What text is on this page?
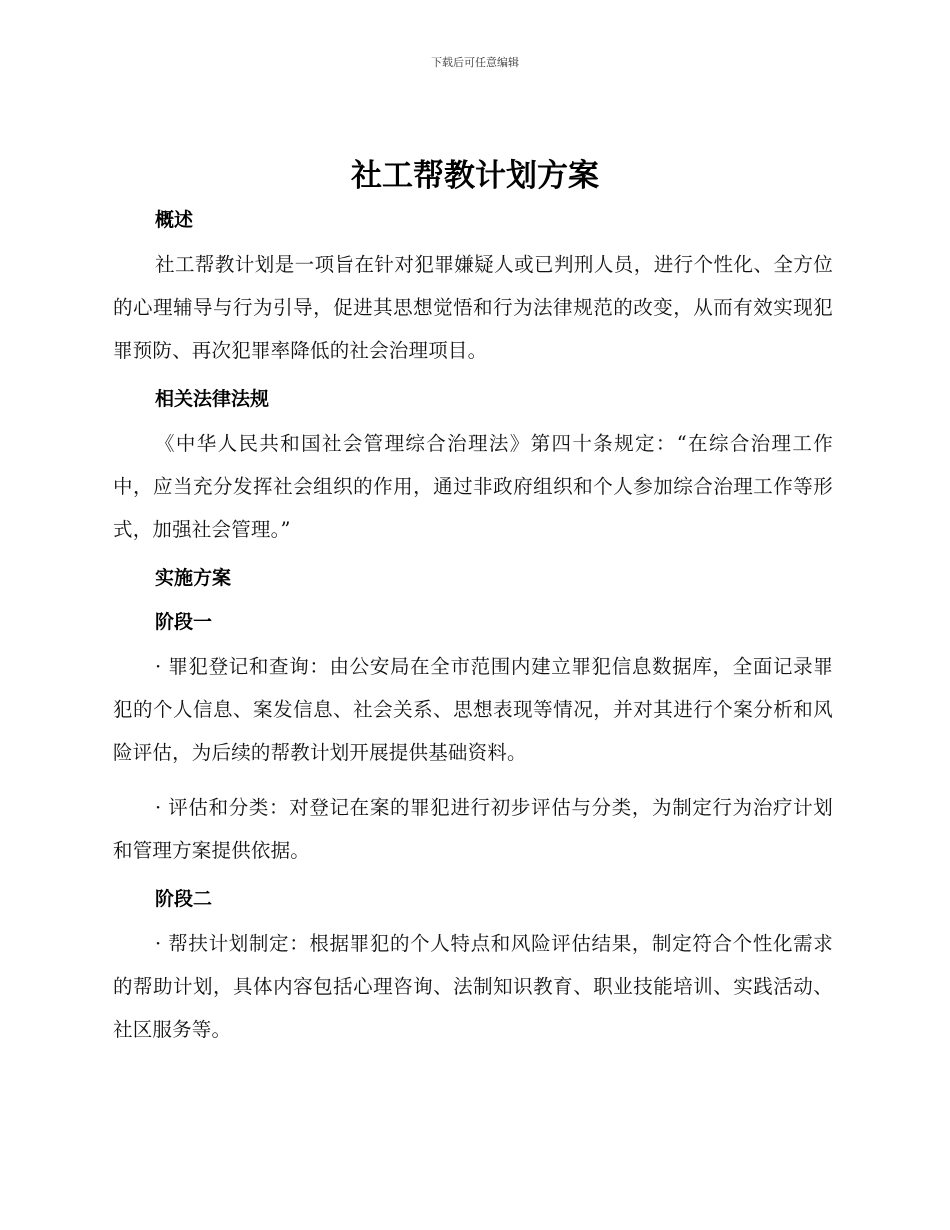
下载后可任意编辑
社工帮教计划方案
概述

社工帮教计划是一项旨在针对犯罪嫌疑人或已判刑人员，进行个性化、全方位的心理辅导与行为引导，促进其思想觉悟和行为法律规范的改变，从而有效实现犯罪预防、再次犯罪率降低的社会治理项目。

相关法律法规

《中华人民共和国社会管理综合治理法》第四十条规定：“在综合治理工作中，应当充分发挥社会组织的作用，通过非政府组织和个人参加综合治理工作等形式，加强社会管理。”

实施方案
阶段一

· 罪犯登记和查询：由公安局在全市范围内建立罪犯信息数据库，全面记录罪犯的个人信息、案发信息、社会关系、思想表现等情况，并对其进行个案分析和风险评估，为后续的帮教计划开展提供基础资料。

· 评估和分类：对登记在案的罪犯进行初步评估与分类，为制定行为治疗计划和管理方案提供依据。

阶段二

· 帮扶计划制定：根据罪犯的个人特点和风险评估结果，制定符合个性化需求的帮助计划，具体内容包括心理咨询、法制知识教育、职业技能培训、实践活动、社区服务等。
